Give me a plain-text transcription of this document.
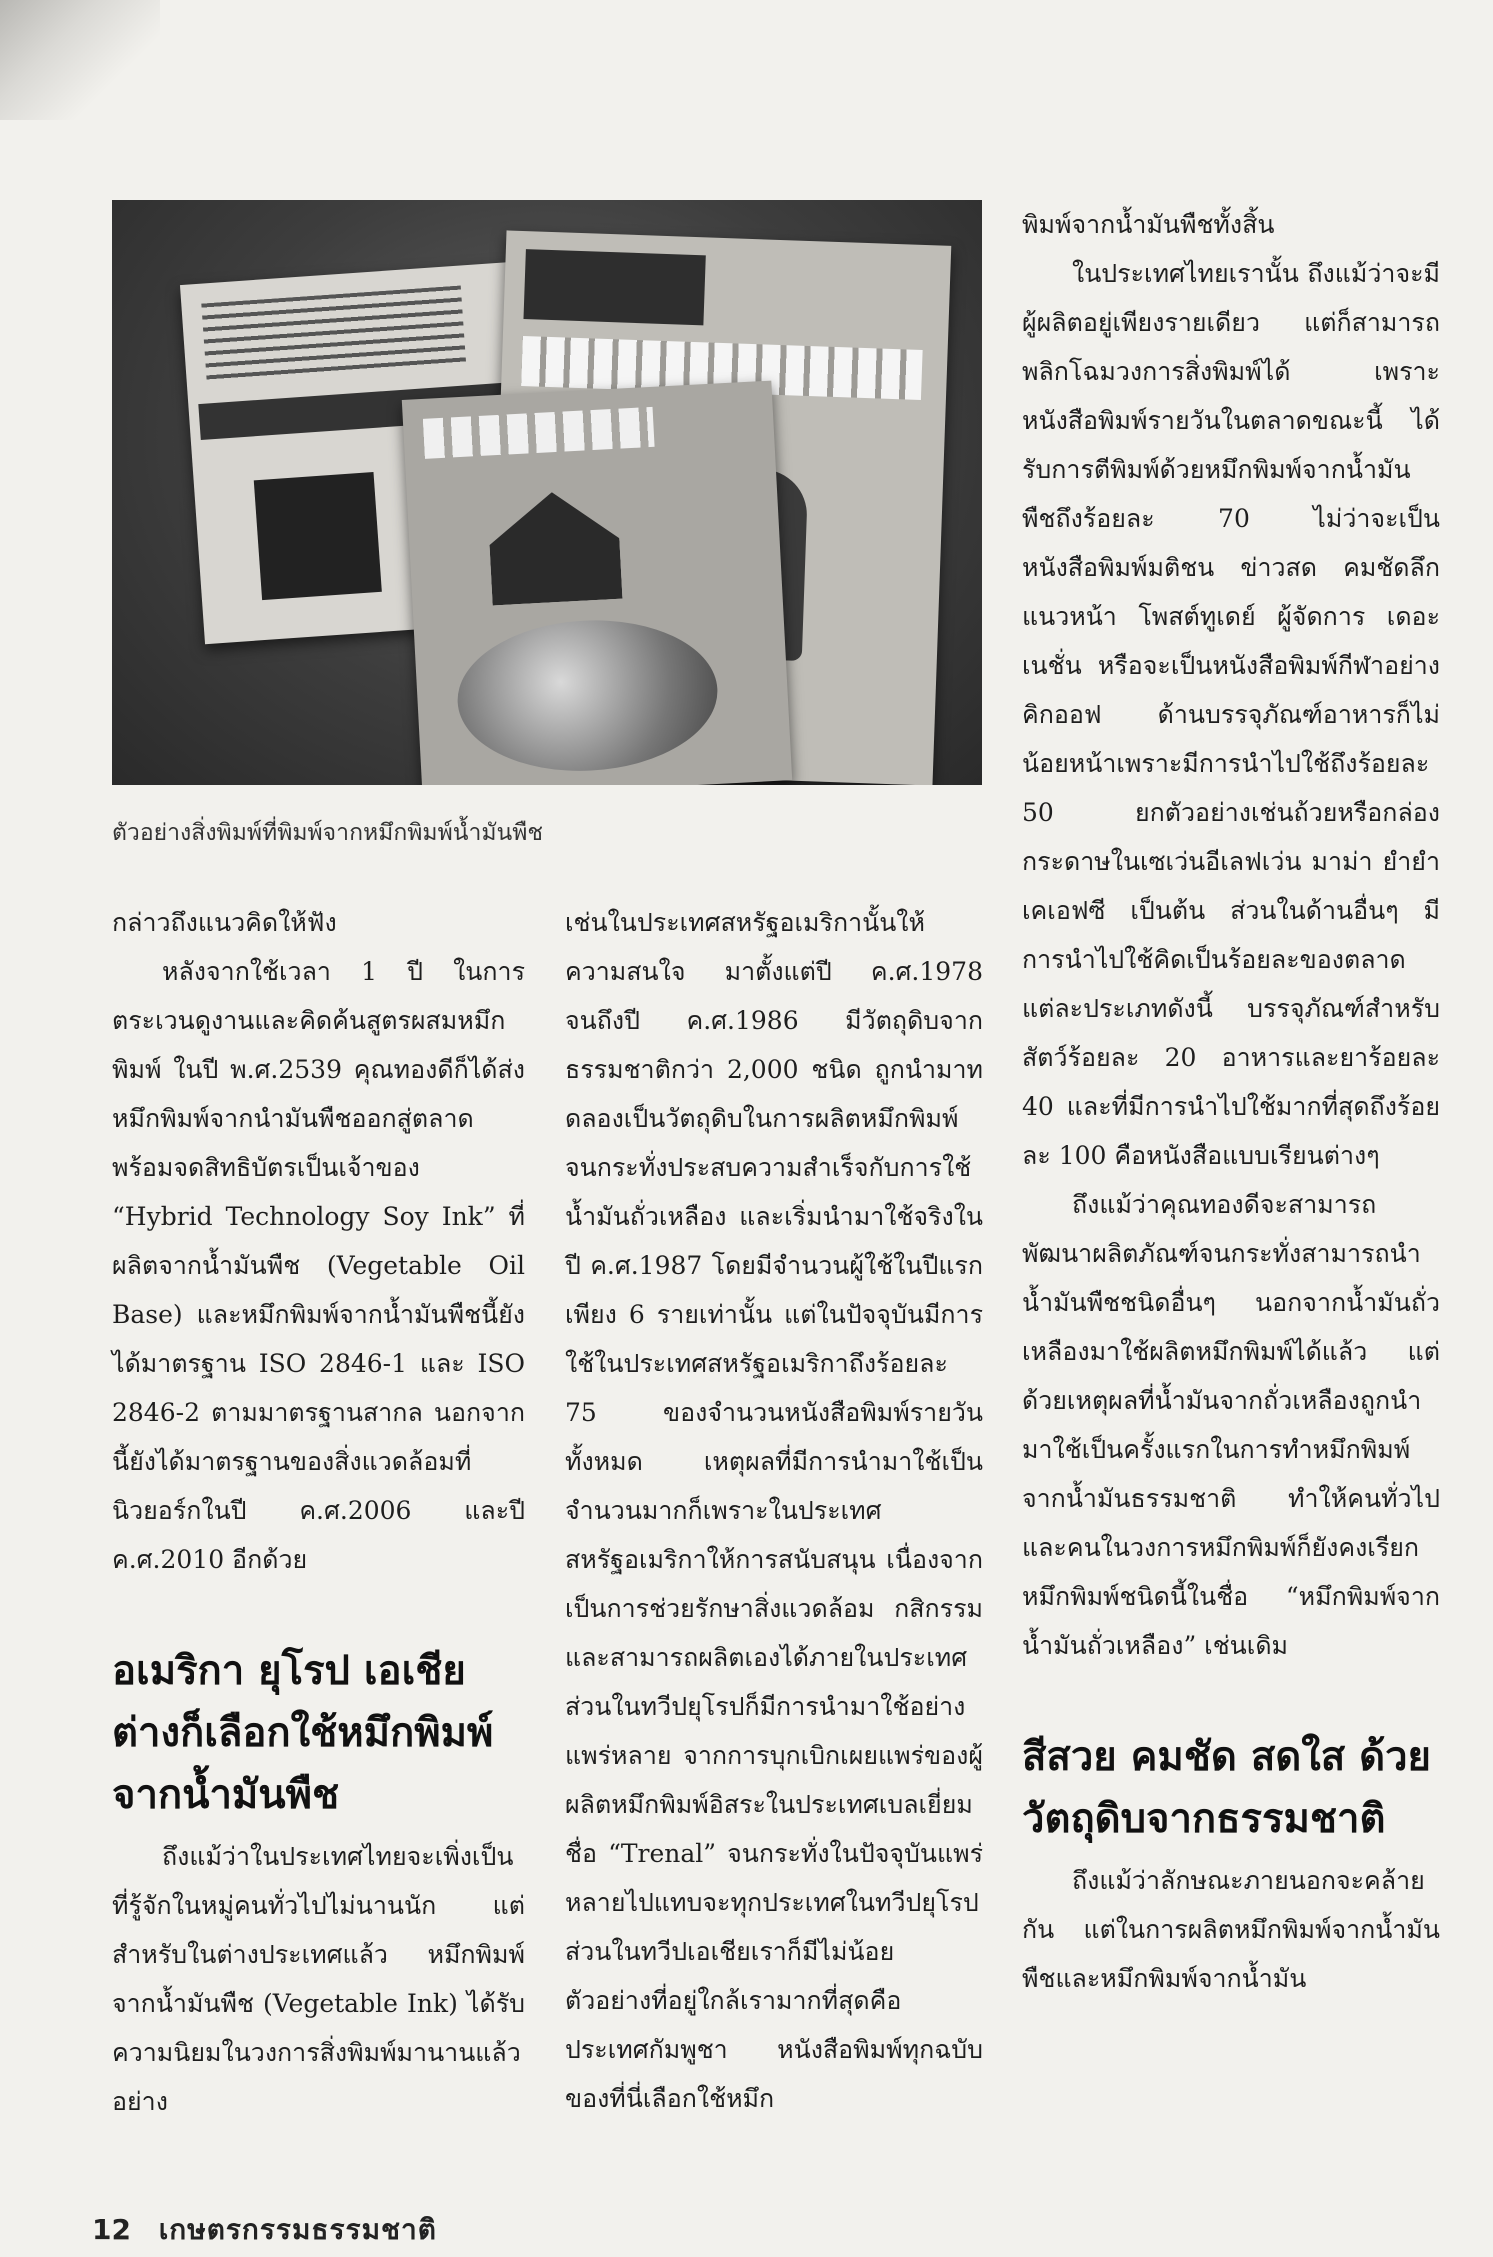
ตัวอย่างสิ่งพิมพ์ที่พิมพ์จากหมึกพิมพ์น้ำมันพืช

กล่าวถึงแนวคิดให้ฟัง

หลังจากใช้เวลา 1 ปี ในการตระเวนดูงานและคิดค้นสูตรผสมหมึกพิมพ์ ในปี พ.ศ.2539 คุณทองดีก็ได้ส่งหมึกพิมพ์จากนำมันพืชออกสู่ตลาด พร้อมจดสิทธิบัตรเป็นเจ้าของ “Hybrid Technology Soy Ink” ที่ผลิตจากน้ำมันพืช (Vegetable Oil Base) และหมึกพิมพ์จากน้ำมันพืชนี้ยังได้มาตรฐาน ISO 2846-1 และ ISO 2846-2 ตามมาตรฐานสากล นอกจากนี้ยังได้มาตรฐานของสิ่งแวดล้อมที่นิวยอร์กในปี ค.ศ.2006 และปี ค.ศ.2010 อีกด้วย

อเมริกา ยุโรป เอเชีย ต่างก็เลือกใช้หมึกพิมพ์จากน้ำมันพืช

ถึงแม้ว่าในประเทศไทยจะเพิ่งเป็นที่รู้จักในหมู่คนทั่วไปไม่นานนัก แต่สำหรับในต่างประเทศแล้ว หมึกพิมพ์จากน้ำมันพืช (Vegetable Ink) ได้รับความนิยมในวงการสิ่งพิมพ์มานานแล้ว อย่าง

เช่นในประเทศสหรัฐอเมริกานั้นให้ความสนใจ มาตั้งแต่ปี ค.ศ.1978 จนถึงปี ค.ศ.1986 มีวัตถุดิบจากธรรมชาติกว่า 2,000 ชนิด ถูกนำมาทดลองเป็นวัตถุดิบในการผลิตหมึกพิมพ์ จนกระทั่งประสบความสำเร็จกับการใช้น้ำมันถั่วเหลือง และเริ่มนำมาใช้จริงในปี ค.ศ.1987 โดยมีจำนวนผู้ใช้ในปีแรกเพียง 6 รายเท่านั้น แต่ในปัจจุบันมีการใช้ในประเทศสหรัฐอเมริกาถึงร้อยละ 75 ของจำนวนหนังสือพิมพ์รายวันทั้งหมด เหตุผลที่มีการนำมาใช้เป็นจำนวนมากก็เพราะในประเทศสหรัฐอเมริกาให้การสนับสนุน เนื่องจากเป็นการช่วยรักษาสิ่งแวดล้อม กสิกรรม และสามารถผลิตเองได้ภายในประเทศ ส่วนในทวีปยุโรปก็มีการนำมาใช้อย่างแพร่หลาย จากการบุกเบิกเผยแพร่ของผู้ผลิตหมึกพิมพ์อิสระในประเทศเบลเยี่ยม ชื่อ “Trenal” จนกระทั่งในปัจจุบันแพร่หลายไปแทบจะทุกประเทศในทวีปยุโรป ส่วนในทวีปเอเชียเราก็มีไม่น้อย ตัวอย่างที่อยู่ใกล้เรามากที่สุดคือประเทศกัมพูชา หนังสือพิมพ์ทุกฉบับของที่นี่เลือกใช้หมึก

พิมพ์จากน้ำมันพืชทั้งสิ้น

ในประเทศไทยเรานั้น ถึงแม้ว่าจะมีผู้ผลิตอยู่เพียงรายเดียว แต่ก็สามารถพลิกโฉมวงการสิ่งพิมพ์ได้ เพราะหนังสือพิมพ์รายวันในตลาดขณะนี้ ได้รับการตีพิมพ์ด้วยหมึกพิมพ์จากน้ำมันพืชถึงร้อยละ 70 ไม่ว่าจะเป็นหนังสือพิมพ์มติชน ข่าวสด คมชัดลึก แนวหน้า โพสต์ทูเดย์ ผู้จัดการ เดอะเนชั่น หรือจะเป็นหนังสือพิมพ์กีฬาอย่างคิกออฟ ด้านบรรจุภัณฑ์อาหารก็ไม่น้อยหน้าเพราะมีการนำไปใช้ถึงร้อยละ 50 ยกตัวอย่างเช่นถ้วยหรือกล่องกระดาษในเซเว่นอีเลฟเว่น มาม่า ยำยำ เคเอฟซี เป็นต้น ส่วนในด้านอื่นๆ มีการนำไปใช้คิดเป็นร้อยละของตลาดแต่ละประเภทดังนี้ บรรจุภัณฑ์สำหรับสัตว์ร้อยละ 20 อาหารและยาร้อยละ 40 และที่มีการนำไปใช้มากที่สุดถึงร้อยละ 100 คือหนังสือแบบเรียนต่างๆ

ถึงแม้ว่าคุณทองดีจะสามารถพัฒนาผลิตภัณฑ์จนกระทั่งสามารถนำน้ำมันพืชชนิดอื่นๆ นอกจากน้ำมันถั่วเหลืองมาใช้ผลิตหมึกพิมพ์ได้แล้ว แต่ด้วยเหตุผลที่น้ำมันจากถั่วเหลืองถูกนำมาใช้เป็นครั้งแรกในการทำหมึกพิมพ์จากน้ำมันธรรมชาติ ทำให้คนทั่วไปและคนในวงการหมึกพิมพ์ก็ยังคงเรียกหมึกพิมพ์ชนิดนี้ในชื่อ “หมึกพิมพ์จากน้ำมันถั่วเหลือง” เช่นเดิม

สีสวย คมชัด สดใส ด้วยวัตถุดิบจากธรรมชาติ

ถึงแม้ว่าลักษณะภายนอกจะคล้ายกัน แต่ในการผลิตหมึกพิมพ์จากน้ำมันพืชและหมึกพิมพ์จากน้ำมัน

12 เกษตรกรรมธรรมชาติ
